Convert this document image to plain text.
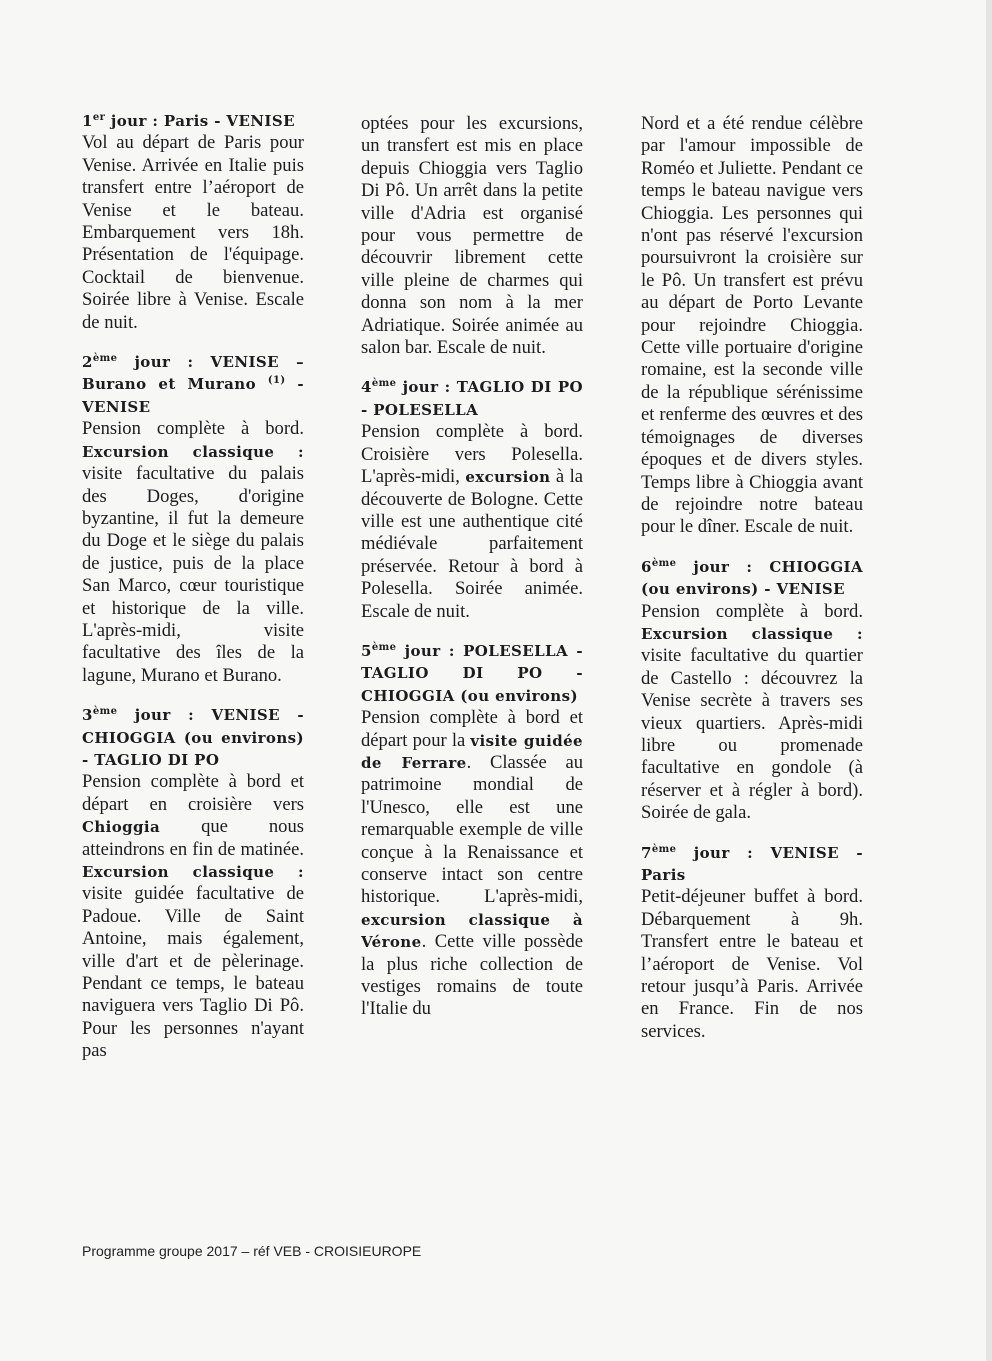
1er jour : Paris - VENISE

Vol au départ de Paris pour Venise. Arrivée en Italie puis transfert entre l’aéroport de Venise et le bateau. Embarquement vers 18h. Présentation de l'équipage. Cocktail de bienvenue. Soirée libre à Venise. Escale de nuit.

2ème jour : VENISE – Burano et Murano $^{(1)}$ - VENISE

Pension complète à bord. Excursion classique : visite facultative du palais des Doges, d'origine byzantine, il fut la demeure du Doge et le siège du palais de justice, puis de la place San Marco, cœur touristique et historique de la ville. L'après-midi, visite facultative des îles de la lagune, Murano et Burano.

3ème jour : VENISE - CHIOGGIA (ou environs) - TAGLIO DI PO

Pension complète à bord et départ en croisière vers Chioggia que nous atteindrons en fin de matinée. Excursion classique : visite guidée facultative de Padoue. Ville de Saint Antoine, mais également, ville d'art et de pèlerinage. Pendant ce temps, le bateau naviguera vers Taglio Di Pô. Pour les personnes n'ayant pas

optées pour les excursions, un transfert est mis en place depuis Chioggia vers Taglio Di Pô. Un arrêt dans la petite ville d'Adria est organisé pour vous permettre de découvrir librement cette ville pleine de charmes qui donna son nom à la mer Adriatique. Soirée animée au salon bar. Escale de nuit.

4ème jour : TAGLIO DI PO - POLESELLA

Pension complète à bord. Croisière vers Polesella. L'après-midi, excursion à la découverte de Bologne. Cette ville est une authentique cité médiévale parfaitement préservée. Retour à bord à Polesella. Soirée animée. Escale de nuit.

5ème jour : POLESELLA - TAGLIO DI PO - CHIOGGIA (ou environs)

Pension complète à bord et départ pour la visite guidée de Ferrare. Classée au patrimoine mondial de l'Unesco, elle est une remarquable exemple de ville conçue à la Renaissance et conserve intact son centre historique. L'après-midi, excursion classique à Vérone. Cette ville possède la plus riche collection de vestiges romains de toute l'Italie du

Nord et a été rendue célèbre par l'amour impossible de Roméo et Juliette. Pendant ce temps le bateau navigue vers Chioggia. Les personnes qui n'ont pas réservé l'excursion poursuivront la croisière sur le Pô. Un transfert est prévu au départ de Porto Levante pour rejoindre Chioggia. Cette ville portuaire d'origine romaine, est la seconde ville de la république sérénissime et renferme des œuvres et des témoignages de diverses époques et de divers styles. Temps libre à Chioggia avant de rejoindre notre bateau pour le dîner. Escale de nuit.

6ème jour : CHIOGGIA (ou environs) - VENISE

Pension complète à bord. Excursion classique : visite facultative du quartier de Castello : découvrez la Venise secrète à travers ses vieux quartiers. Après-midi libre ou promenade facultative en gondole (à réserver et à régler à bord). Soirée de gala.

7ème jour : VENISE - Paris

Petit-déjeuner buffet à bord. Débarquement à 9h. Transfert entre le bateau et l’aéroport de Venise. Vol retour jusqu’à Paris. Arrivée en France. Fin de nos services.

Programme groupe 2017 – réf VEB - CROISIEUROPE
